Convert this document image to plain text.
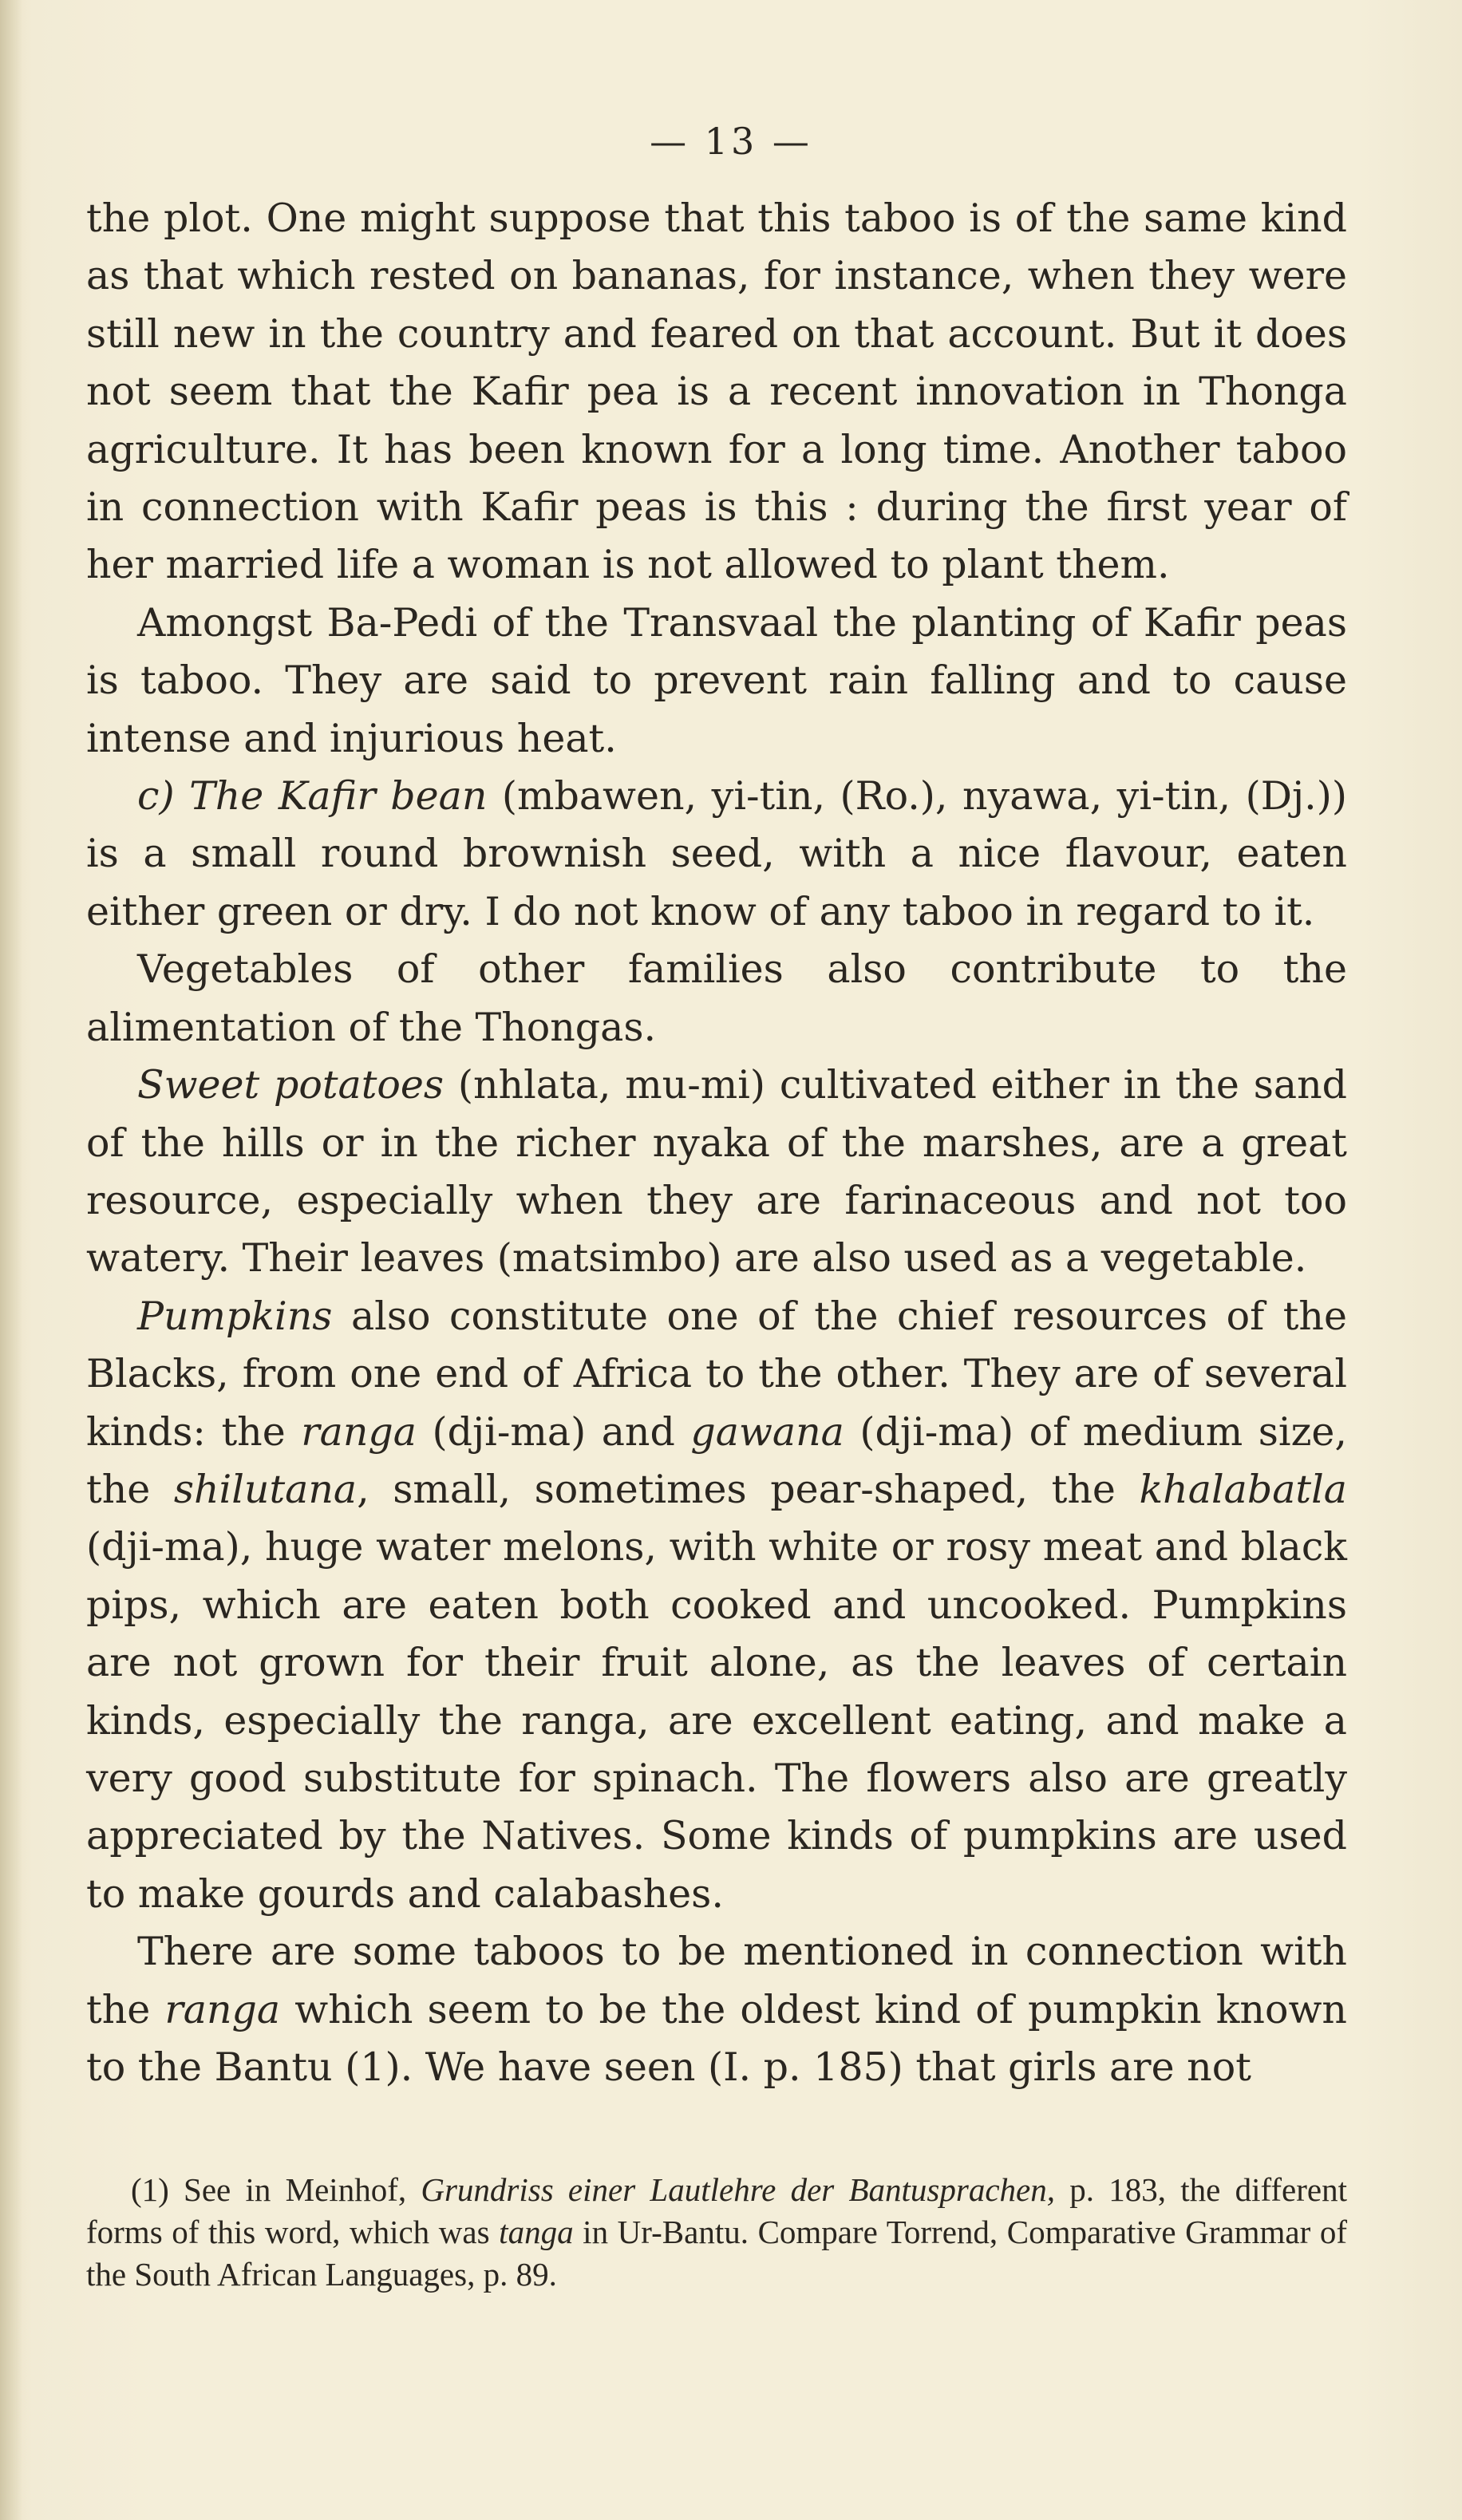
— 13 —

the plot. One might suppose that this taboo is of the same kind as that which rested on bananas, for instance, when they were still new in the country and feared on that account. But it does not seem that the Kafir pea is a recent innovation in Thonga agriculture. It has been known for a long time. Another taboo in connection with Kafir peas is this : during the first year of her married life a woman is not allowed to plant them.

Amongst Ba-Pedi of the Transvaal the planting of Kafir peas is taboo. They are said to prevent rain falling and to cause intense and injurious heat.

c) The Kafir bean (mbawen, yi-tin, (Ro.), nyawa, yi-tin, (Dj.)) is a small round brownish seed, with a nice flavour, eaten either green or dry. I do not know of any taboo in regard to it.

Vegetables of other families also contribute to the alimentation of the Thongas.

Sweet potatoes (nhlata, mu-mi) cultivated either in the sand of the hills or in the richer nyaka of the marshes, are a great resource, especially when they are farinaceous and not too watery. Their leaves (matsimbo) are also used as a vegetable.

Pumpkins also constitute one of the chief resources of the Blacks, from one end of Africa to the other. They are of several kinds: the ranga (dji-ma) and gawana (dji-ma) of medium size, the shilutana, small, sometimes pear-shaped, the khalabatla (dji-ma), huge water melons, with white or rosy meat and black pips, which are eaten both cooked and uncooked. Pumpkins are not grown for their fruit alone, as the leaves of certain kinds, especially the ranga, are excellent eating, and make a very good substitute for spinach. The flowers also are greatly appreciated by the Natives. Some kinds of pumpkins are used to make gourds and calabashes.

There are some taboos to be mentioned in connection with the ranga which seem to be the oldest kind of pumpkin known to the Bantu (1). We have seen (I. p. 185) that girls are not

(1) See in Meinhof, Grundriss einer Lautlehre der Bantusprachen, p. 183, the different forms of this word, which was tanga in Ur-Bantu. Compare Torrend, Comparative Grammar of the South African Languages, p. 89.
